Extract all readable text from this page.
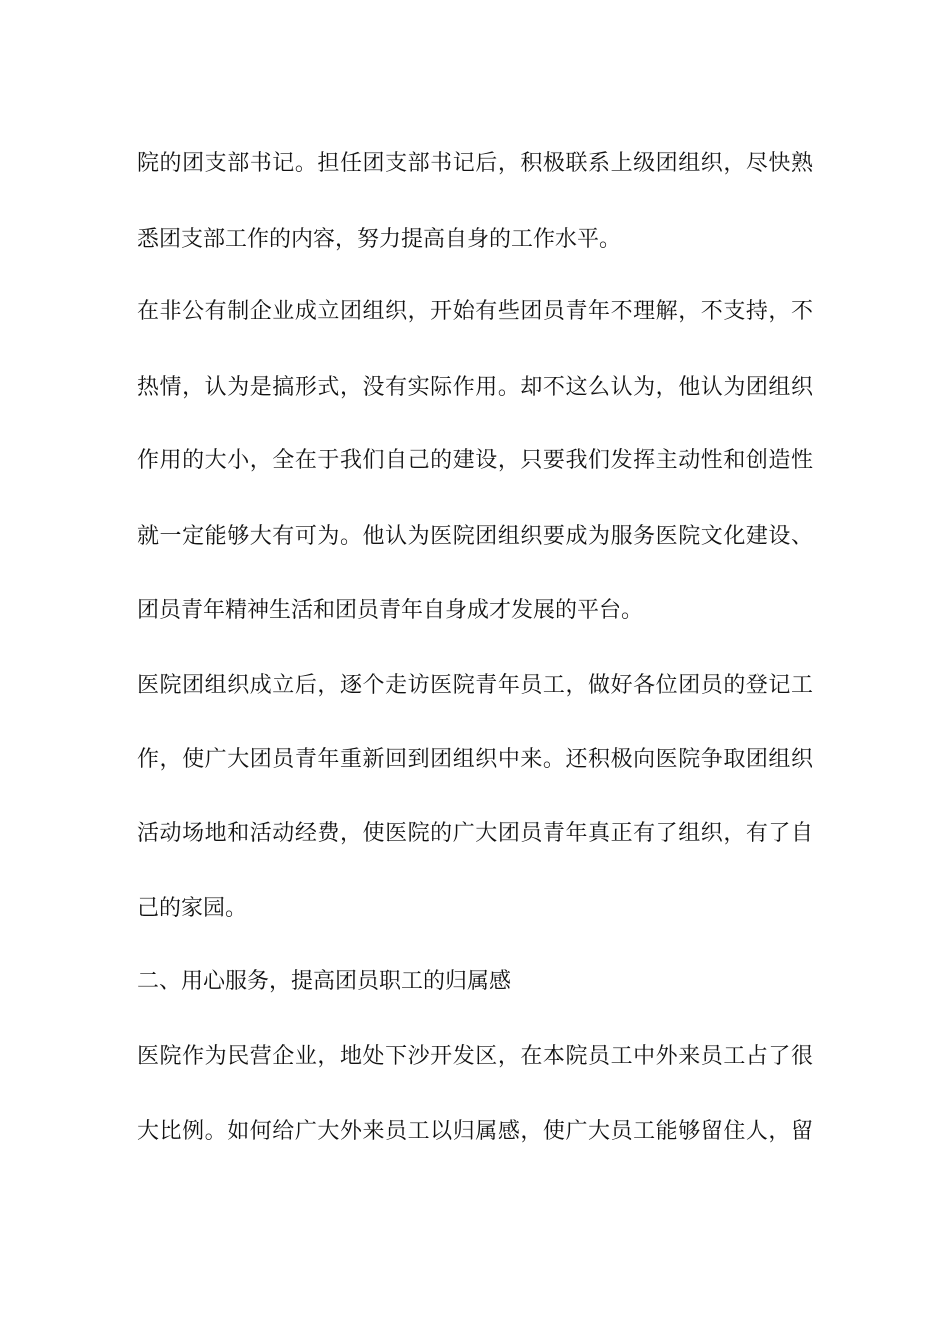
院的团支部书记。担任团支部书记后，积极联系上级团组织，尽快熟

悉团支部工作的内容，努力提高自身的工作水平。

在非公有制企业成立团组织，开始有些团员青年不理解，不支持，不

热情，认为是搞形式，没有实际作用。却不这么认为，他认为团组织

作用的大小，全在于我们自己的建设，只要我们发挥主动性和创造性

就一定能够大有可为。他认为医院团组织要成为服务医院文化建设、

团员青年精神生活和团员青年自身成才发展的平台。

医院团组织成立后，逐个走访医院青年员工，做好各位团员的登记工

作，使广大团员青年重新回到团组织中来。还积极向医院争取团组织

活动场地和活动经费，使医院的广大团员青年真正有了组织，有了自

己的家园。

二、用心服务，提高团员职工的归属感

医院作为民营企业，地处下沙开发区，在本院员工中外来员工占了很

大比例。如何给广大外来员工以归属感，使广大员工能够留住人，留
